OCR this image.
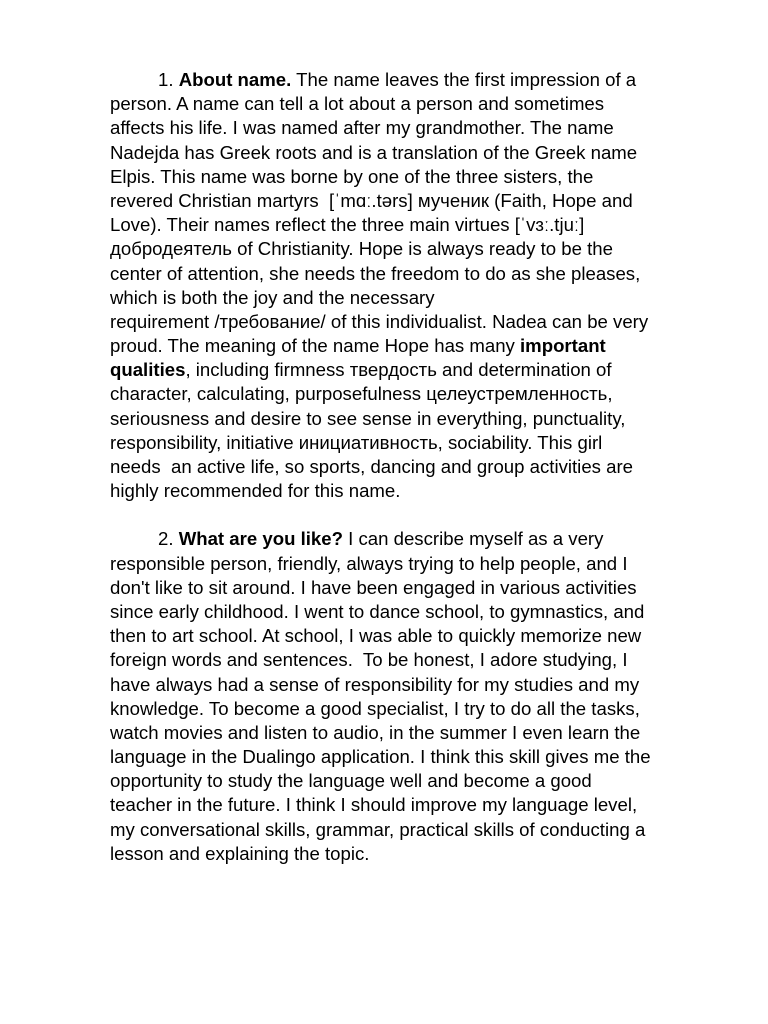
1. About name. The name leaves the first impression of a
person. A name can tell a lot about a person and sometimes
affects his life. I was named after my grandmother. The name
Nadejda has Greek roots and is a translation of the Greek name
Elpis. This name was borne by one of the three sisters, the
revered Christian martyrs  [ˈmɑː.tərs] мученик (Faith, Hope and
Love). Their names reflect the three main virtues [ˈvɜː.tjuː]
добродеятель of Christianity. Hope is always ready to be the
center of attention, she needs the freedom to do as she pleases,
which is both the joy and the necessary
requirement /требование/ of this individualist. Nadea can be very
proud. The meaning of the name Hope has many important
qualities, including firmness твердость and determination of
character, calculating, purposefulness целеустремленность,
seriousness and desire to see sense in everything, punctuality,
responsibility, initiative инициативность, sociability. This girl
needs  an active life, so sports, dancing and group activities are
highly recommended for this name.
2. What are you like? I can describe myself as a very
responsible person, friendly, always trying to help people, and I
don't like to sit around. I have been engaged in various activities
since early childhood. I went to dance school, to gymnastics, and
then to art school. At school, I was able to quickly memorize new
foreign words and sentences.  To be honest, I adore studying, I
have always had a sense of responsibility for my studies and my
knowledge. To become a good specialist, I try to do all the tasks,
watch movies and listen to audio, in the summer I even learn the
language in the Dualingo application. I think this skill gives me the
opportunity to study the language well and become a good
teacher in the future. I think I should improve my language level,
my conversational skills, grammar, practical skills of conducting a
lesson and explaining the topic.
